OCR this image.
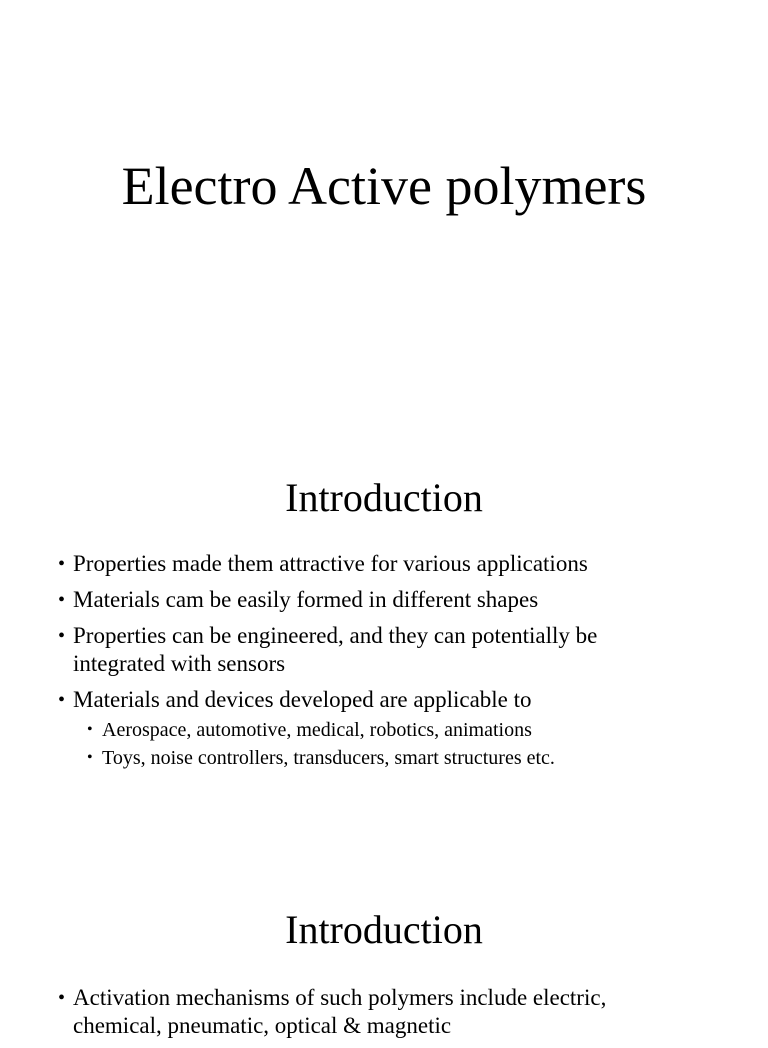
Electro Active polymers
Introduction
• Properties made them attractive for various applications
• Materials cam be easily formed in different shapes
• Properties can be engineered, and they can potentially be integrated with sensors
• Materials and devices developed are applicable to
• Aerospace, automotive, medical, robotics, animations
• Toys, noise controllers, transducers, smart structures etc.
Introduction
• Activation mechanisms of such polymers include electric, chemical, pneumatic, optical & magnetic
